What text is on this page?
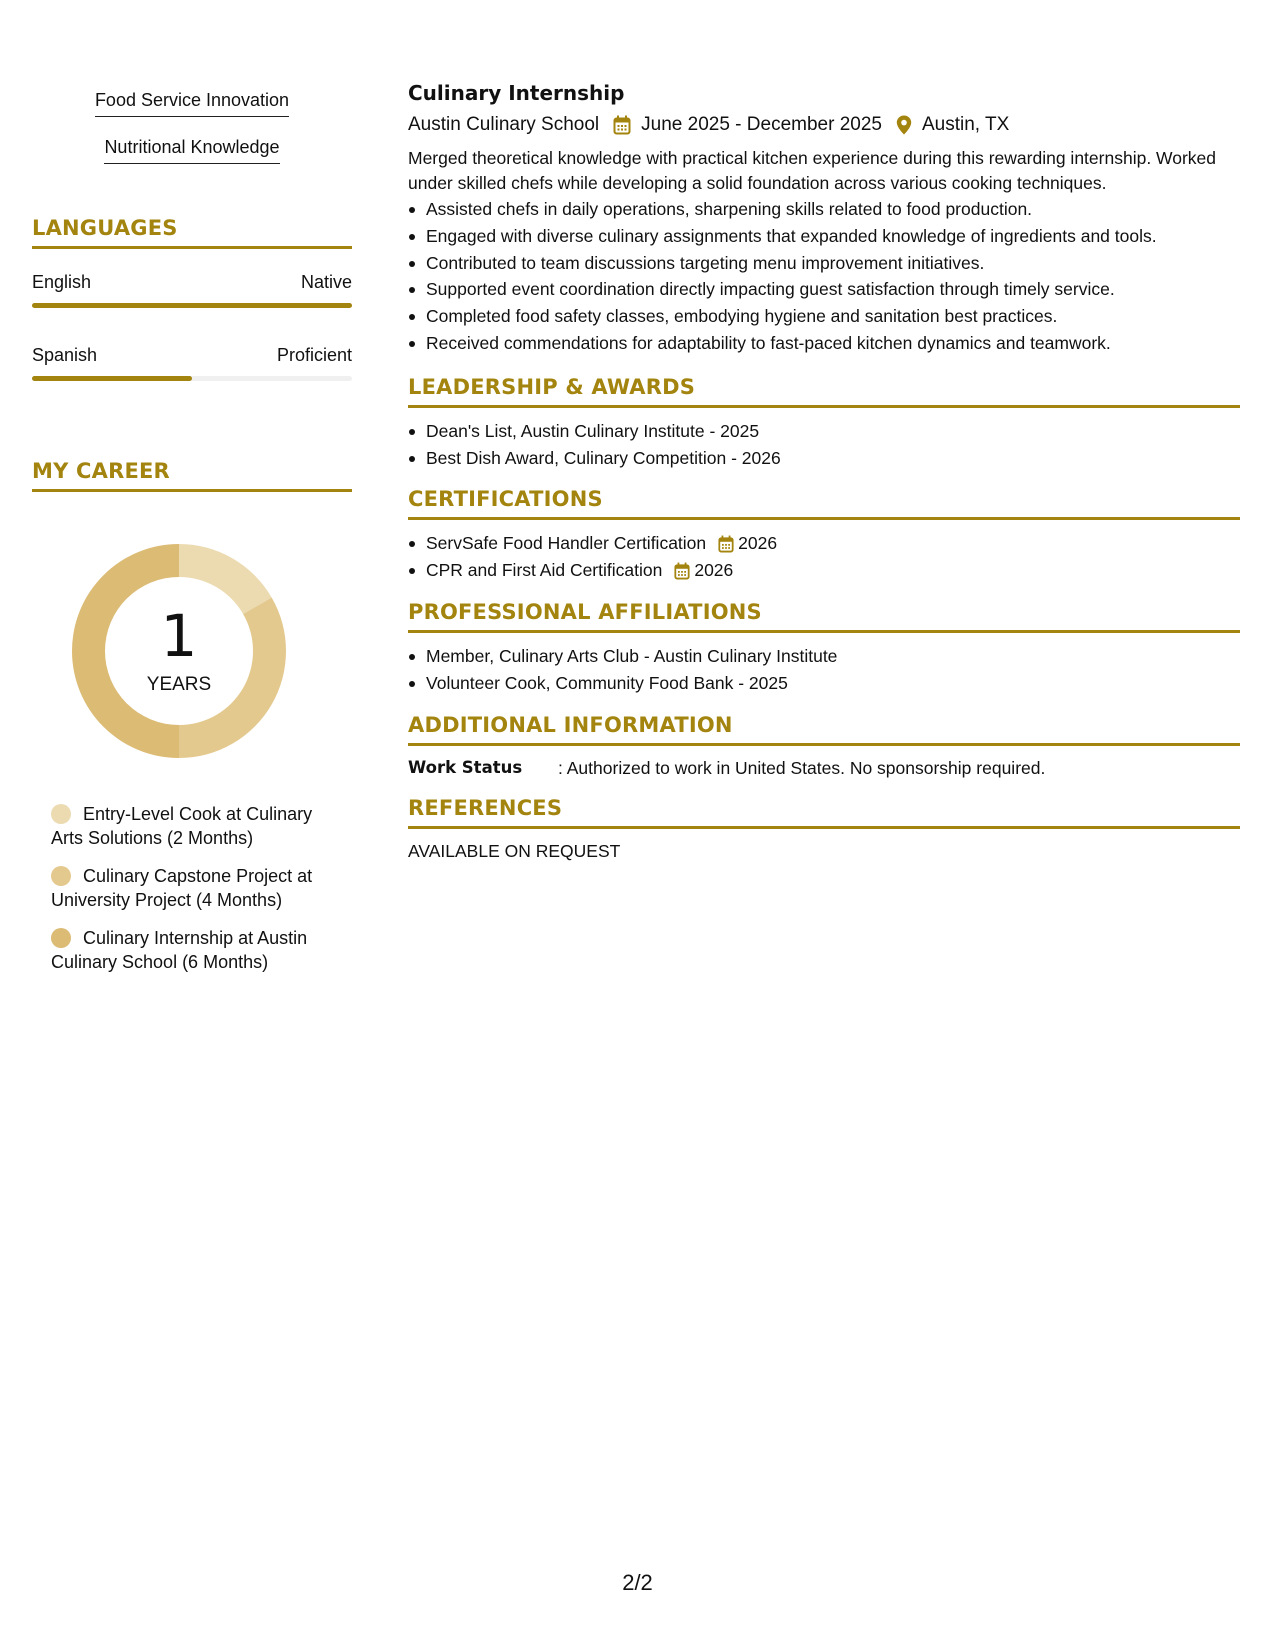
Food Service Innovation
Nutritional Knowledge
LANGUAGES
English	Native
Spanish	Proficient
MY CAREER
1
YEARS
Entry-Level Cook at Culinary Arts Solutions (2 Months)
Culinary Capstone Project at University Project (4 Months)
Culinary Internship at Austin Culinary School (6 Months)
Culinary Internship
Austin Culinary School June 2025 - December 2025 Austin, TX

Merged theoretical knowledge with practical kitchen experience during this rewarding internship. Worked under skilled chefs while developing a solid foundation across various cooking techniques.

Assisted chefs in daily operations, sharpening skills related to food production.
Engaged with diverse culinary assignments that expanded knowledge of ingredients and tools.
Contributed to team discussions targeting menu improvement initiatives.
Supported event coordination directly impacting guest satisfaction through timely service.
Completed food safety classes, embodying hygiene and sanitation best practices.
Received commendations for adaptability to fast-paced kitchen dynamics and teamwork.
LEADERSHIP & AWARDS
Dean's List, Austin Culinary Institute - 2025
Best Dish Award, Culinary Competition - 2026
CERTIFICATIONS
ServSafe Food Handler Certification 2026
CPR and First Aid Certification 2026
PROFESSIONAL AFFILIATIONS
Member, Culinary Arts Club - Austin Culinary Institute
Volunteer Cook, Community Food Bank - 2025
ADDITIONAL INFORMATION
Work Status	: Authorized to work in United States. No sponsorship required.
REFERENCES
AVAILABLE ON REQUEST
2/2
